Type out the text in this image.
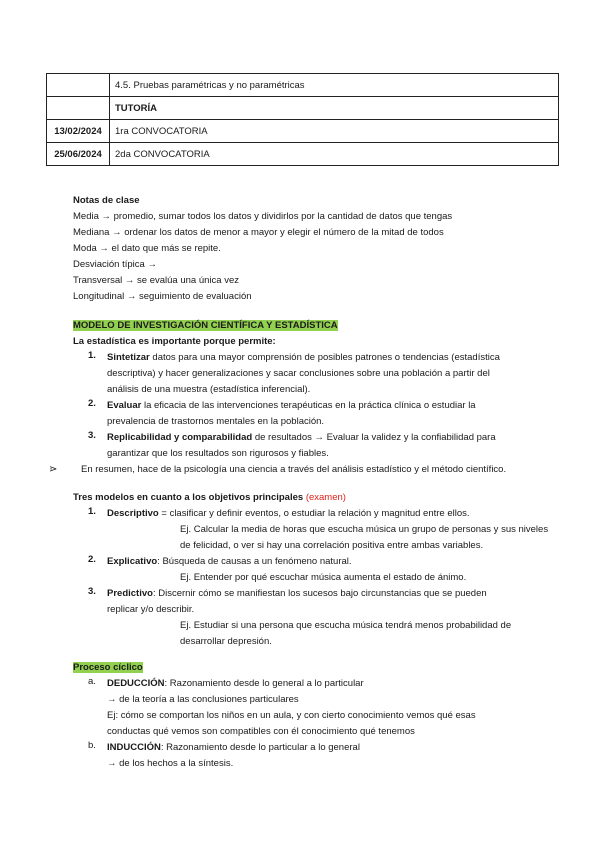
	4.5. Pruebas paramétricas y no paramétricas
	TUTORÍA
13/02/2024	1ra CONVOCATORIA
25/06/2024	2da CONVOCATORIA
Notas de clase
Media → promedio, sumar todos los datos y dividirlos por la cantidad de datos que tengas
Mediana → ordenar los datos de menor a mayor y elegir el número de la mitad de todos
Moda → el dato que más se repite.
Desviación típica →
Transversal → se evalúa una única vez
Longitudinal → seguimiento de evaluación
MODELO DE INVESTIGACIÓN CIENTÍFICA Y ESTADÍSTICA
La estadística es importante porque permite:
1. Sintetizar datos para una mayor comprensión de posibles patrones o tendencias (estadística
descriptiva) y hacer generalizaciones y sacar conclusiones sobre una población a partir del
análisis de una muestra (estadística inferencial).
2. Evaluar la eficacia de las intervenciones terapéuticas en la práctica clínica o estudiar la
prevalencia de trastornos mentales en la población.
3. Replicabilidad y comparabilidad de resultados → Evaluar la validez y la confiabilidad para
garantizar que los resultados son rigurosos y fiables.
⋗ En resumen, hace de la psicología una ciencia a través del análisis estadístico y el método científico.
Tres modelos en cuanto a los objetivos principales (examen)
1. Descriptivo = clasificar y definir eventos, o estudiar la relación y magnitud entre ellos.
Ej. Calcular la media de horas que escucha música un grupo de personas y sus niveles
de felicidad, o ver si hay una correlación positiva entre ambas variables.
2. Explicativo: Búsqueda de causas a un fenómeno natural.
Ej. Entender por qué escuchar música aumenta el estado de ánimo.
3. Predictivo: Discernir cómo se manifiestan los sucesos bajo circunstancias que se pueden
replicar y/o describir.
Ej. Estudiar si una persona que escucha música tendrá menos probabilidad de
desarrollar depresión.
Proceso cíclico
a. DEDUCCIÓN: Razonamiento desde lo general a lo particular
→ de la teoría a las conclusiones particulares
Ej: cómo se comportan los niños en un aula, y con cierto conocimiento vemos qué esas
conductas qué vemos son compatibles con él conocimiento qué tenemos
b. INDUCCIÓN: Razonamiento desde lo particular a lo general
→ de los hechos a la síntesis.
